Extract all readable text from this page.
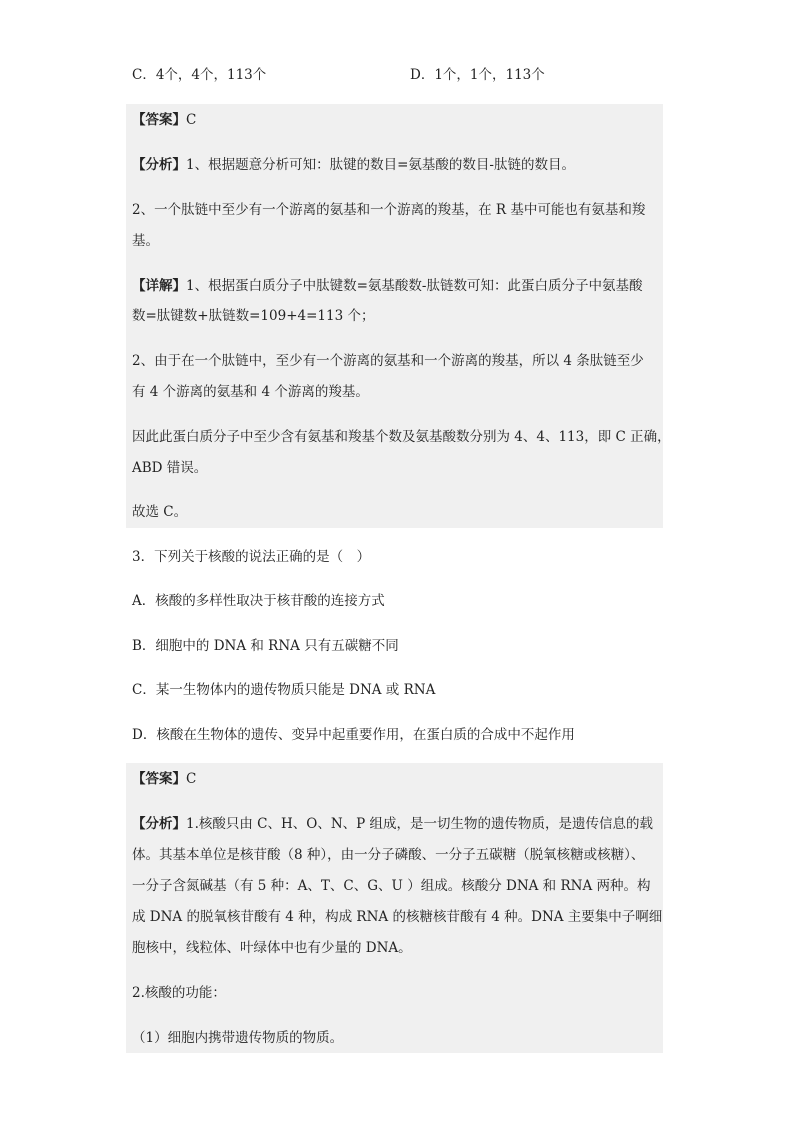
C．4个，4个，113个	D．1个，1个，113个
【答案】C
【分析】1、根据题意分析可知：肽键的数目=氨基酸的数目-肽链的数目。
2、一个肽链中至少有一个游离的氨基和一个游离的羧基，在 R 基中可能也有氨基和羧
基。
【详解】1、根据蛋白质分子中肽键数=氨基酸数-肽链数可知：此蛋白质分子中氨基酸
数=肽键数+肽链数=109+4=113 个；
2、由于在一个肽链中，至少有一个游离的氨基和一个游离的羧基，所以 4 条肽链至少
有 4 个游离的氨基和 4 个游离的羧基。
因此此蛋白质分子中至少含有氨基和羧基个数及氨基酸数分别为 4、4、113，即 C 正确，
ABD 错误。
故选 C。
3．下列关于核酸的说法正确的是（　）
A．核酸的多样性取决于核苷酸的连接方式
B．细胞中的 DNA 和 RNA 只有五碳糖不同
C．某一生物体内的遗传物质只能是 DNA 或 RNA
D．核酸在生物体的遗传、变异中起重要作用，在蛋白质的合成中不起作用
【答案】C
【分析】1.核酸只由 C、H、O、N、P 组成，是一切生物的遗传物质，是遗传信息的载
体。其基本单位是核苷酸（8 种），由一分子磷酸、一分子五碳糖（脱氧核糖或核糖）、
一分子含氮碱基（有 5 种：A、T、C、G、U ）组成。核酸分 DNA 和 RNA 两种。构
成 DNA 的脱氧核苷酸有 4 种，构成 RNA 的核糖核苷酸有 4 种。DNA 主要集中子啊细
胞核中，线粒体、叶绿体中也有少量的 DNA。
2.核酸的功能：
（1）细胞内携带遗传物质的物质。
